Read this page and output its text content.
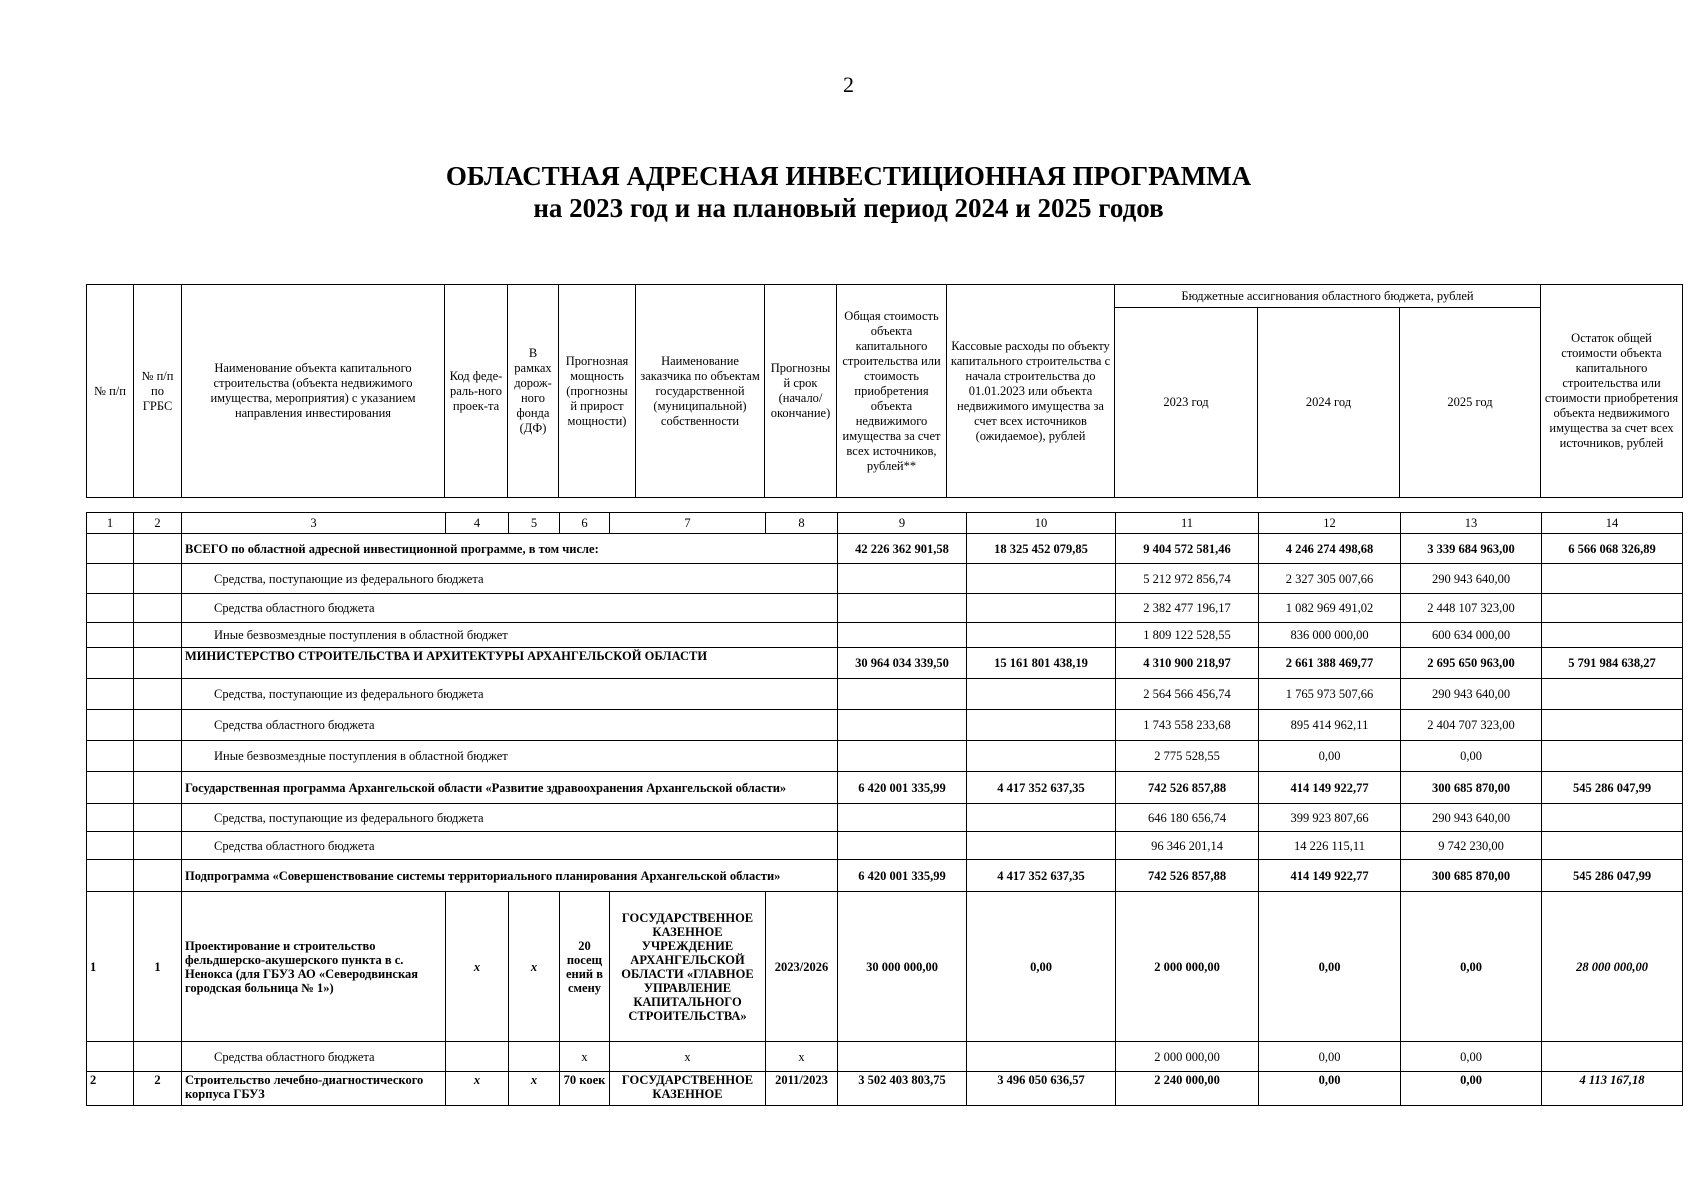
2
ОБЛАСТНАЯ АДРЕСНАЯ ИНВЕСТИЦИОННАЯ ПРОГРАММА
на 2023 год и на плановый период 2024 и 2025 годов
№ п/п	№ п/п по ГРБС	Наименование объекта капитального строительства (объекта недвижимого имущества, мероприятия) с указанием направления инвестирования	Код феде-раль-ного проек-та	В рамках дорож-ного фонда (ДФ)	Прогнозная мощность (прогнозны й прирост мощности)	Наименование заказчика по объектам государственной (муниципальной) собственности	Прогнозны й срок (начало/ окончание)	Общая стоимость объекта капитального строительства или стоимость приобретения объекта недвижимого имущества за счет всех источников, рублей**	Кассовые расходы по объекту капитального строительства с начала строительства до 01.01.2023 или объекта недвижимого имущества за счет всех источников (ожидаемое), рублей	Бюджетные ассигнования областного бюджета, рублей			Остаток общей стоимости объекта капитального строительства или стоимости приобретения объекта недвижимого имущества за счет всех источников, рублей
										2023 год	2024 год	2025 год	
1	2	3	4	5	6	7	8	9	10	11	12	13	14
		ВСЕГО по областной адресной инвестиционной программе, в том числе:						42 226 362 901,58	18 325 452 079,85	9 404 572 581,46	4 246 274 498,68	3 339 684 963,00	6 566 068 326,89
		Средства, поступающие из федерального бюджета								5 212 972 856,74	2 327 305 007,66	290 943 640,00	
		Средства областного бюджета								2 382 477 196,17	1 082 969 491,02	2 448 107 323,00	
		Иные безвозмездные поступления в областной бюджет								1 809 122 528,55	836 000 000,00	600 634 000,00	
		МИНИСТЕРСТВО СТРОИТЕЛЬСТВА И АРХИТЕКТУРЫ АРХАНГЕЛЬСКОЙ ОБЛАСТИ						30 964 034 339,50	15 161 801 438,19	4 310 900 218,97	2 661 388 469,77	2 695 650 963,00	5 791 984 638,27
		Средства, поступающие из федерального бюджета								2 564 566 456,74	1 765 973 507,66	290 943 640,00	
		Средства областного бюджета								1 743 558 233,68	895 414 962,11	2 404 707 323,00	
		Иные безвозмездные поступления в областной бюджет								2 775 528,55	0,00	0,00	
		Государственная программа Архангельской области «Развитие здравоохранения Архангельской области»						6 420 001 335,99	4 417 352 637,35	742 526 857,88	414 149 922,77	300 685 870,00	545 286 047,99
		Средства, поступающие из федерального бюджета								646 180 656,74	399 923 807,66	290 943 640,00	
		Средства областного бюджета								96 346 201,14	14 226 115,11	9 742 230,00	
		Подпрограмма «Совершенствование системы территориального планирования Архангельской области»						6 420 001 335,99	4 417 352 637,35	742 526 857,88	414 149 922,77	300 685 870,00	545 286 047,99
1	1	Проектирование и строительство фельдшерско-акушерского пункта в с. Ненокса (для ГБУЗ АО «Северодвинская городская больница № 1»)	х	х	20 посещ ений в смену	ГОСУДАРСТВЕННОЕ КАЗЕННОЕ УЧРЕЖДЕНИЕ АРХАНГЕЛЬСКОЙ ОБЛАСТИ «ГЛАВНОЕ УПРАВЛЕНИЕ КАПИТАЛЬНОГО СТРОИТЕЛЬСТВА»	2023/2026	30 000 000,00	0,00	2 000 000,00	0,00	0,00	28 000 000,00
		Средства областного бюджета			х	х	х			2 000 000,00	0,00	0,00	
2	2	Строительство лечебно-диагностического корпуса ГБУЗ	х	х	70 коек	ГОСУДАРСТВЕННОЕ КАЗЕННОЕ	2011/2023	3 502 403 803,75	3 496 050 636,57	2 240 000,00	0,00	0,00	4 113 167,18
